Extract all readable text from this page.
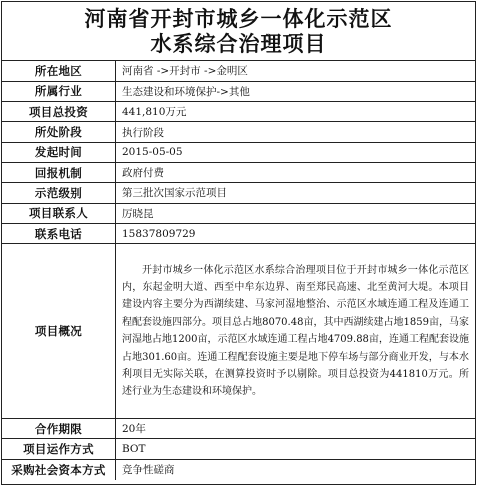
河南省开封市城乡一体化示范区
水系综合治理项目
所在地区	河南省 ->开封市 ->金明区
所属行业	生态建设和环境保护->其他
项目总投资	441,810万元
所处阶段	执行阶段
发起时间	2015-05-05
回报机制	政府付费
示范级别	第三批次国家示范项目
项目联系人	厉晓昆
联系电话	15837809729
项目概况	开封市城乡一体化示范区水系综合治理项目位于开封市城乡一体化示范区内，东起金明大道、西至中牟东边界、南至郑民高速、北至黄河大堤。本项目建设内容主要分为西湖续建、马家河湿地整治、示范区水域连通工程及连通工程配套设施四部分。项目总占地8070.48亩，其中西湖续建占地1859亩，马家河湿地占地1200亩，示范区水域连通工程占地4709.88亩，连通工程配套设施占地301.60亩。连通工程配套设施主要是地下停车场与部分商业开发，与本水利项目无实际关联，在测算投资时予以剔除。项目总投资为441810万元。所述行业为生态建设和环境保护。
合作期限	20年
项目运作方式	BOT
采购社会资本方式	竞争性磋商
